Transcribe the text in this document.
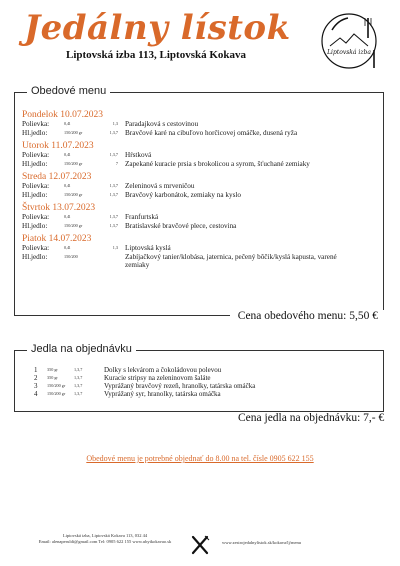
Jedálny lístok
Liptovská izba 113, Liptovská Kokava	Liptovská izba
Obedové menu
Cena obedového menu: 5,50 €
Pondelok 10.07.2023
Polievka:	0,4l	1,3 Paradajková s cestovinou
Hl.jedlo:	150/200 gr	1,3,7 Bravčové karé na cibuľovo horčicovej omáčke, dusená ryža
Utorok 11.07.2023
Polievka:	0,4l	1,3,7 Hŕstková
Hl.jedlo:	150/200 gr	7 Zapekané kuracie prsia s brokolicou a syrom, šťuchané zemiaky
Streda 12.07.2023
Polievka:	0,4l	1,3,7 Zeleninová s mrveničou
Hl.jedlo:	150/200 gr	1,3,7 Bravčový karbonátok, zemiaky na kyslo
Štvrtok 13.07.2023
Polievka:	0,4l	1,3,7 Franfurtská
Hl.jedlo:	150/200 gr	1,3,7 Bratislavské bravčové plece, cestovina
Piatok 14.07.2023
Polievka:	0,4l	1,3 Liptovská kyslá
Hl.jedlo:	150/200	Zabíjačkový tanier/klobása, jaternica, pečený bôčik/kyslá kapusta, varené zemiaky
Jedla na objednávku
1 350 gr	1,3,7	Dolky s lekvárom a čokoládovou polevou
2 350 gr	1,3,7	Kuracie stripsy na zeleninovom šaláte
3 150/200 gr 1,3,7	Vyprážaný bravčový rezeň, hranolky, tatárska omáčka
4 150/200 gr 1,3,7	Vyprážaný syr, hranolky, tatárska omáčka
Cena jedla na objednávku: 7,- €
Obedové menu je potrebné objednať do 8.00 na tel. čísle 0905 622 155
Liptovská izba, Liptovská Kokava 113, 032 44
Email: alenaperuldi@gmail.com Tel: 0905 622 155 www.ubytkokavao.sk	www.zestrojedalnylistok.sk/kokava/lj/menu
